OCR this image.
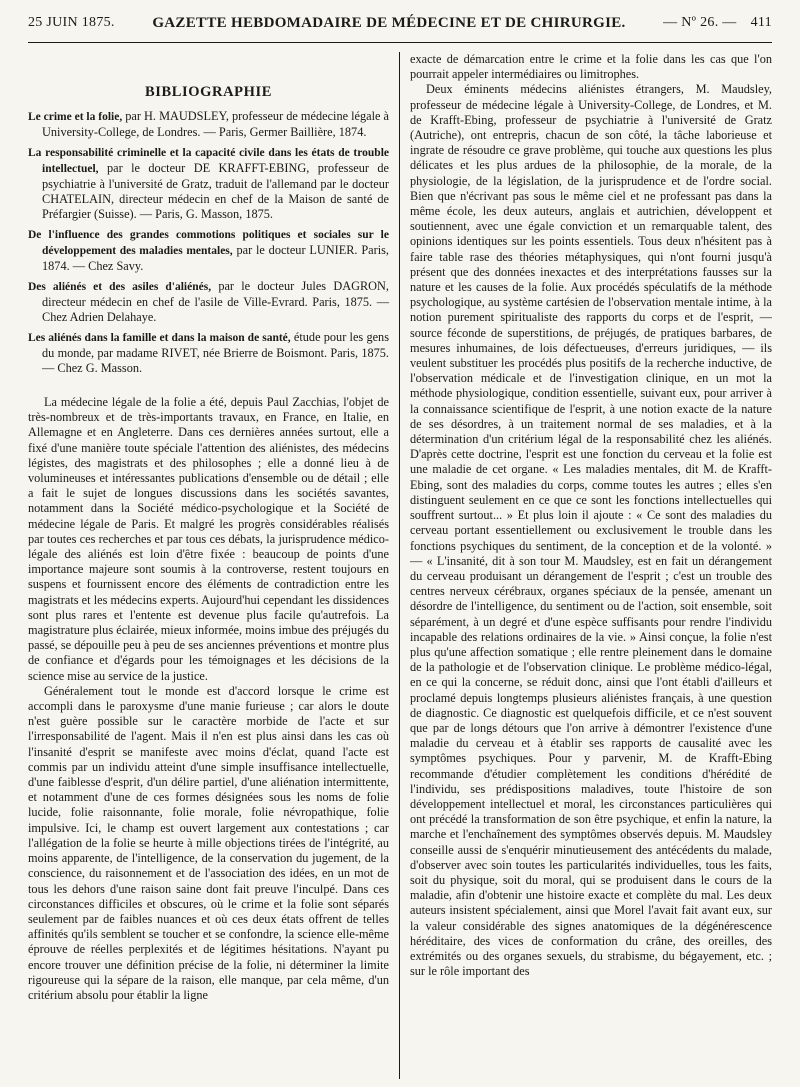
25 JUIN 1875.	GAZETTE HEBDOMADAIRE DE MÉDECINE ET DE CHIRURGIE.	— Nº 26. — 411
BIBLIOGRAPHIE
Le crime et la folie, par H. MAUDSLEY, professeur de médecine légale à University-College, de Londres. — Paris, Germer Baillière, 1874.
La responsabilité criminelle et la capacité civile dans les états de trouble intellectuel, par le docteur DE KRAFFT-EBING, professeur de psychiatrie à l'université de Gratz, traduit de l'allemand par le docteur CHATELAIN, directeur médecin en chef de la Maison de santé de Préfargier (Suisse). — Paris, G. Masson, 1875.
De l'influence des grandes commotions politiques et sociales sur le développement des maladies mentales, par le docteur LUNIER. Paris, 1874. — Chez Savy.
Des aliénés et des asiles d'aliénés, par le docteur Jules DAGRON, directeur médecin en chef de l'asile de Ville-Evrard. Paris, 1875. — Chez Adrien Delahaye.
Les aliénés dans la famille et dans la maison de santé, étude pour les gens du monde, par madame RIVET, née Brierre de Boismont. Paris, 1875. — Chez G. Masson.

La médecine légale de la folie a été, depuis Paul Zacchias, l'objet de très-nombreux et de très-importants travaux, en France, en Italie, en Allemagne et en Angleterre. Dans ces dernières années surtout, elle a fixé d'une manière toute spéciale l'attention des aliénistes, des médecins légistes, des magistrats et des philosophes ; elle a donné lieu à de volumineuses et intéressantes publications d'ensemble ou de détail ; elle a fait le sujet de longues discussions dans les sociétés savantes, notamment dans la Société médico-psychologique et la Société de médecine légale de Paris. Et malgré les progrès considérables réalisés par toutes ces recherches et par tous ces débats, la jurisprudence médico-légale des aliénés est loin d'être fixée : beaucoup de points d'une importance majeure sont soumis à la controverse, restent toujours en suspens et fournissent encore des éléments de contradiction entre les magistrats et les médecins experts. Aujourd'hui cependant les dissidences sont plus rares et l'entente est devenue plus facile qu'autrefois. La magistrature plus éclairée, mieux informée, moins imbue des préjugés du passé, se dépouille peu à peu de ses anciennes préventions et montre plus de confiance et d'égards pour les témoignages et les décisions de la science mise au service de la justice.

Généralement tout le monde est d'accord lorsque le crime est accompli dans le paroxysme d'une manie furieuse ; car alors le doute n'est guère possible sur le caractère morbide de l'acte et sur l'irresponsabilité de l'agent. Mais il n'en est plus ainsi dans les cas où l'insanité d'esprit se manifeste avec moins d'éclat, quand l'acte est commis par un individu atteint d'une simple insuffisance intellectuelle, d'une faiblesse d'esprit, d'un délire partiel, d'une aliénation intermittente, et notamment d'une de ces formes désignées sous les noms de folie lucide, folie raisonnante, folie morale, folie névropathique, folie impulsive. Ici, le champ est ouvert largement aux contestations ; car l'allégation de la folie se heurte à mille objections tirées de l'intégrité, au moins apparente, de l'intelligence, de la conservation du jugement, de la conscience, du raisonnement et de l'association des idées, en un mot de tous les dehors d'une raison saine dont fait preuve l'inculpé. Dans ces circonstances difficiles et obscures, où le crime et la folie sont séparés seulement par de faibles nuances et où ces deux états offrent de telles affinités qu'ils semblent se toucher et se confondre, la science elle-même éprouve de réelles perplexités et de légitimes hésitations. N'ayant pu encore trouver une définition précise de la folie, ni déterminer la limite rigoureuse qui la sépare de la raison, elle manque, par cela même, d'un critérium absolu pour établir la ligne

exacte de démarcation entre le crime et la folie dans les cas que l'on pourrait appeler intermédiaires ou limitrophes.

Deux éminents médecins aliénistes étrangers, M. Maudsley, professeur de médecine légale à University-College, de Londres, et M. de Krafft-Ebing, professeur de psychiatrie à l'université de Gratz (Autriche), ont entrepris, chacun de son côté, la tâche laborieuse et ingrate de résoudre ce grave problème, qui touche aux questions les plus délicates et les plus ardues de la philosophie, de la morale, de la physiologie, de la législation, de la jurisprudence et de l'ordre social. Bien que n'écrivant pas sous le même ciel et ne professant pas dans la même école, les deux auteurs, anglais et autrichien, développent et soutiennent, avec une égale conviction et un remarquable talent, des opinions identiques sur les points essentiels. Tous deux n'hésitent pas à faire table rase des théories métaphysiques, qui n'ont fourni jusqu'à présent que des données inexactes et des interprétations fausses sur la nature et les causes de la folie. Aux procédés spéculatifs de la méthode psychologique, au système cartésien de l'observation mentale intime, à la notion purement spiritualiste des rapports du corps et de l'esprit, — source féconde de superstitions, de préjugés, de pratiques barbares, de mesures inhumaines, de lois défectueuses, d'erreurs juridiques, — ils veulent substituer les procédés plus positifs de la recherche inductive, de l'observation médicale et de l'investigation clinique, en un mot la méthode physiologique, condition essentielle, suivant eux, pour arriver à la connaissance scientifique de l'esprit, à une notion exacte de la nature de ses désordres, à un traitement normal de ses maladies, et à la détermination d'un critérium légal de la responsabilité chez les aliénés. D'après cette doctrine, l'esprit est une fonction du cerveau et la folie est une maladie de cet organe. « Les maladies mentales, dit M. de Krafft-Ebing, sont des maladies du corps, comme toutes les autres ; elles s'en distinguent seulement en ce que ce sont les fonctions intellectuelles qui souffrent surtout... » Et plus loin il ajoute : « Ce sont des maladies du cerveau portant essentiellement ou exclusivement le trouble dans les fonctions psychiques du sentiment, de la conception et de la volonté. » — « L'insanité, dit à son tour M. Maudsley, est en fait un dérangement du cerveau produisant un dérangement de l'esprit ; c'est un trouble des centres nerveux cérébraux, organes spéciaux de la pensée, amenant un désordre de l'intelligence, du sentiment ou de l'action, soit ensemble, soit séparément, à un degré et d'une espèce suffisants pour rendre l'individu incapable des relations ordinaires de la vie. » Ainsi conçue, la folie n'est plus qu'une affection somatique ; elle rentre pleinement dans le domaine de la pathologie et de l'observation clinique. Le problème médico-légal, en ce qui la concerne, se réduit donc, ainsi que l'ont établi d'ailleurs et proclamé depuis longtemps plusieurs aliénistes français, à une question de diagnostic. Ce diagnostic est quelquefois difficile, et ce n'est souvent que par de longs détours que l'on arrive à démontrer l'existence d'une maladie du cerveau et à établir ses rapports de causalité avec les symptômes psychiques. Pour y parvenir, M. de Krafft-Ebing recommande d'étudier complètement les conditions d'hérédité de l'individu, ses prédispositions maladives, toute l'histoire de son développement intellectuel et moral, les circonstances particulières qui ont précédé la transformation de son être psychique, et enfin la nature, la marche et l'enchaînement des symptômes observés depuis. M. Maudsley conseille aussi de s'enquérir minutieusement des antécédents du malade, d'observer avec soin toutes les particularités individuelles, tous les faits, soit du physique, soit du moral, qui se produisent dans le cours de la maladie, afin d'obtenir une histoire exacte et complète du mal. Les deux auteurs insistent spécialement, ainsi que Morel l'avait fait avant eux, sur la valeur considérable des signes anatomiques de la dégénérescence héréditaire, des vices de conformation du crâne, des oreilles, des extrémités ou des organes sexuels, du strabisme, du bégayement, etc. ; sur le rôle important des
